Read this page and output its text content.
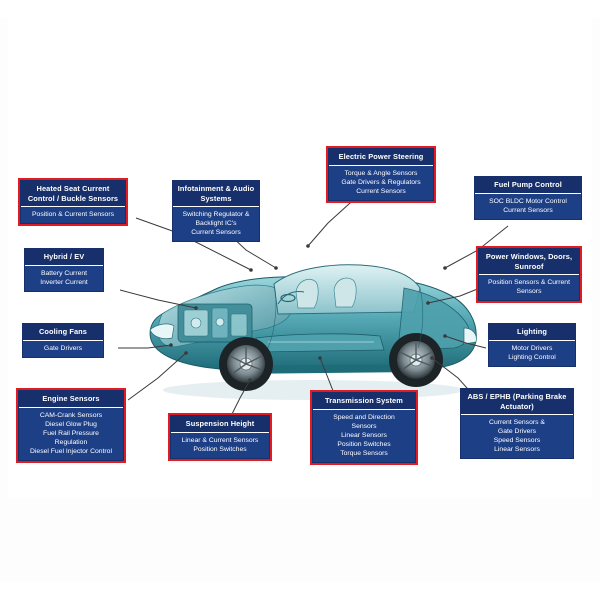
Electric Power Steering
Torque & Angle Sensors
Gate Drivers & Regulators
Current Sensors
Heated Seat Current Control / Buckle Sensors
Position & Current Sensors
Infotainment & Audio Systems
Switching Regulator &
Backlight IC's
Current Sensors
Fuel Pump Control
SOC BLDC Motor Control
Current Sensors
Hybrid / EV
Battery Current
Inverter Current
Power Windows, Doors, Sunroof
Position Sensors & Current
Sensors
Cooling Fans
Gate Drivers
Lighting
Motor Drivers
Lighting Control
Engine Sensors
CAM-Crank Sensors
Diesel Glow Plug
Fuel Rail Pressure
Regulation
Diesel Fuel Injector Control
Suspension Height
Linear & Current Sensors
Position Switches
Transmission System
Speed and Direction
Sensors
Linear Sensors
Position Switches
Torque Sensors
ABS / EPHB (Parking Brake Actuator)
Current Sensors &
Gate Drivers
Speed Sensors
Linear Sensors
